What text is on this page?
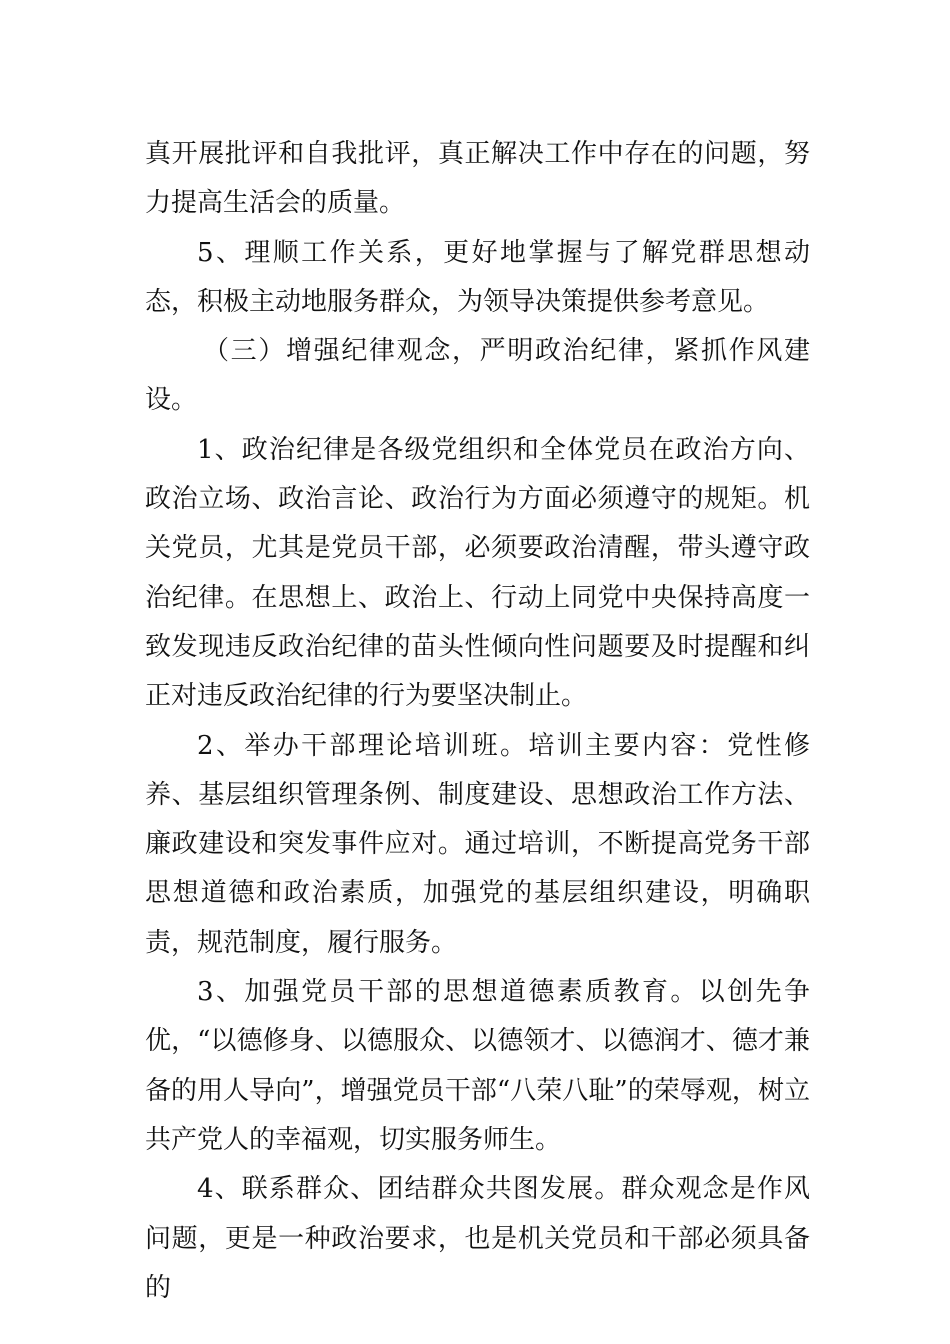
真开展批评和自我批评，真正解决工作中存在的问题，努力提高生活会的质量。

5、理顺工作关系，更好地掌握与了解党群思想动态，积极主动地服务群众，为领导决策提供参考意见。

（三）增强纪律观念，严明政治纪律，紧抓作风建设。

1、政治纪律是各级党组织和全体党员在政治方向、政治立场、政治言论、政治行为方面必须遵守的规矩。机关党员，尤其是党员干部，必须要政治清醒，带头遵守政治纪律。在思想上、政治上、行动上同党中央保持高度一致发现违反政治纪律的苗头性倾向性问题要及时提醒和纠正对违反政治纪律的行为要坚决制止。

2、举办干部理论培训班。培训主要内容：党性修养、基层组织管理条例、制度建设、思想政治工作方法、廉政建设和突发事件应对。通过培训，不断提高党务干部思想道德和政治素质，加强党的基层组织建设，明确职责，规范制度，履行服务。

3、加强党员干部的思想道德素质教育。以创先争优，“以德修身、以德服众、以德领才、以德润才、德才兼备的用人导向”，增强党员干部“八荣八耻”的荣辱观，树立共产党人的幸福观，切实服务师生。

4、联系群众、团结群众共图发展。群众观念是作风问题，更是一种政治要求，也是机关党员和干部必须具备的
